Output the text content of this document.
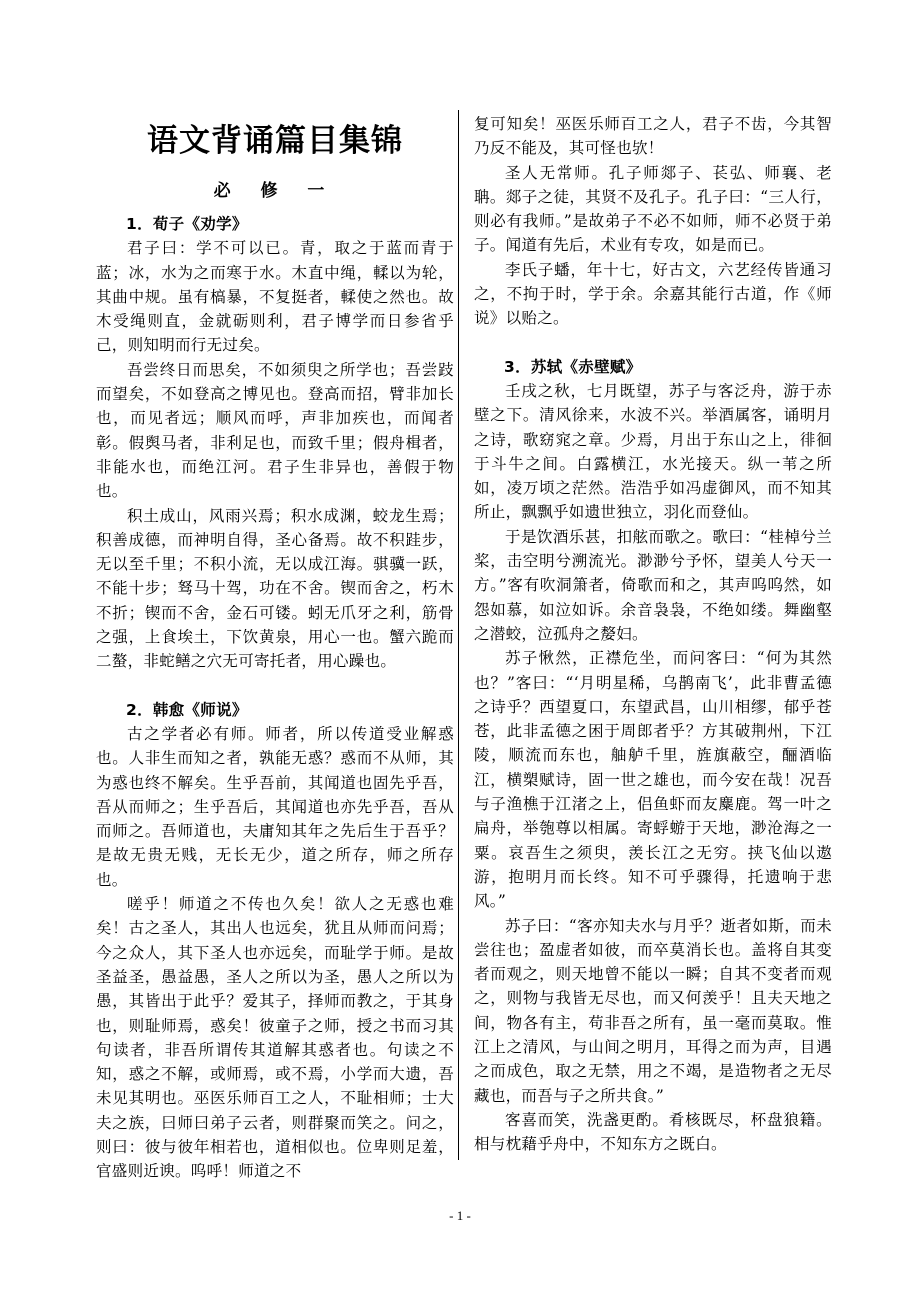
语文背诵篇目集锦
必 修 一
1．荀子《劝学》

君子曰：学不可以已。青，取之于蓝而青于蓝；冰，水为之而寒于水。木直中绳，輮以为轮，其曲中规。虽有槁暴，不复挺者，輮使之然也。故木受绳则直，金就砺则利，君子博学而日参省乎己，则知明而行无过矣。

吾尝终日而思矣，不如须臾之所学也；吾尝跂而望矣，不如登高之博见也。登高而招，臂非加长也，而见者远；顺风而呼，声非加疾也，而闻者彰。假舆马者，非利足也，而致千里；假舟楫者，非能水也，而绝江河。君子生非异也，善假于物也。

积土成山，风雨兴焉；积水成渊，蛟龙生焉；积善成德，而神明自得，圣心备焉。故不积跬步，无以至千里；不积小流，无以成江海。骐骥一跃，不能十步；驽马十驾，功在不舍。锲而舍之，朽木不折；锲而不舍，金石可镂。蚓无爪牙之利，筋骨之强，上食埃土，下饮黄泉，用心一也。蟹六跪而二螯，非蛇鳝之穴无可寄托者，用心躁也。

2．韩愈《师说》

古之学者必有师。师者，所以传道受业解惑也。人非生而知之者，孰能无惑？惑而不从师，其为惑也终不解矣。生乎吾前，其闻道也固先乎吾，吾从而师之；生乎吾后，其闻道也亦先乎吾，吾从而师之。吾师道也，夫庸知其年之先后生于吾乎？是故无贵无贱，无长无少，道之所存，师之所存也。

嗟乎！师道之不传也久矣！欲人之无惑也难矣！古之圣人，其出人也远矣，犹且从师而问焉；今之众人，其下圣人也亦远矣，而耻学于师。是故圣益圣，愚益愚，圣人之所以为圣，愚人之所以为愚，其皆出于此乎？爱其子，择师而教之，于其身也，则耻师焉，惑矣！彼童子之师，授之书而习其句读者，非吾所谓传其道解其惑者也。句读之不知，惑之不解，或师焉，或不焉，小学而大遗，吾未见其明也。巫医乐师百工之人，不耻相师；士大夫之族，曰师曰弟子云者，则群聚而笑之。问之，则曰：彼与彼年相若也，道相似也。位卑则足羞，官盛则近谀。呜呼！师道之不

复可知矣！巫医乐师百工之人，君子不齿，今其智乃反不能及，其可怪也欤！

圣人无常师。孔子师郯子、苌弘、师襄、老聃。郯子之徒，其贤不及孔子。孔子曰：“三人行，则必有我师。”是故弟子不必不如师，师不必贤于弟子。闻道有先后，术业有专攻，如是而已。

李氏子蟠，年十七，好古文，六艺经传皆通习之，不拘于时，学于余。余嘉其能行古道，作《师说》以贻之。

3．苏轼《赤壁赋》

壬戌之秋，七月既望，苏子与客泛舟，游于赤壁之下。清风徐来，水波不兴。举酒属客，诵明月之诗，歌窈窕之章。少焉，月出于东山之上，徘徊于斗牛之间。白露横江，水光接天。纵一苇之所如，凌万顷之茫然。浩浩乎如冯虚御风，而不知其所止，飘飘乎如遗世独立，羽化而登仙。

于是饮酒乐甚，扣舷而歌之。歌曰：“桂棹兮兰桨，击空明兮溯流光。渺渺兮予怀，望美人兮天一方。”客有吹洞箫者，倚歌而和之，其声呜呜然，如怨如慕，如泣如诉。余音袅袅，不绝如缕。舞幽壑之潜蛟，泣孤舟之嫠妇。

苏子愀然，正襟危坐，而问客曰：“何为其然也？”客曰：“‘月明星稀，乌鹊南飞’，此非曹孟德之诗乎？西望夏口，东望武昌，山川相缪，郁乎苍苍，此非孟德之困于周郎者乎？方其破荆州，下江陵，顺流而东也，舳舻千里，旌旗蔽空，酾酒临江，横槊赋诗，固一世之雄也，而今安在哉！况吾与子渔樵于江渚之上，侣鱼虾而友麋鹿。驾一叶之扁舟，举匏尊以相属。寄蜉蝣于天地，渺沧海之一粟。哀吾生之须臾，羡长江之无穷。挟飞仙以遨游，抱明月而长终。知不可乎骤得，托遗响于悲风。”

苏子曰：“客亦知夫水与月乎？逝者如斯，而未尝往也；盈虚者如彼，而卒莫消长也。盖将自其变者而观之，则天地曾不能以一瞬；自其不变者而观之，则物与我皆无尽也，而又何羡乎！且夫天地之间，物各有主，苟非吾之所有，虽一毫而莫取。惟江上之清风，与山间之明月，耳得之而为声，目遇之而成色，取之无禁，用之不竭，是造物者之无尽藏也，而吾与子之所共食。”

客喜而笑，洗盏更酌。肴核既尽，杯盘狼籍。相与枕藉乎舟中，不知东方之既白。

- 1 -
